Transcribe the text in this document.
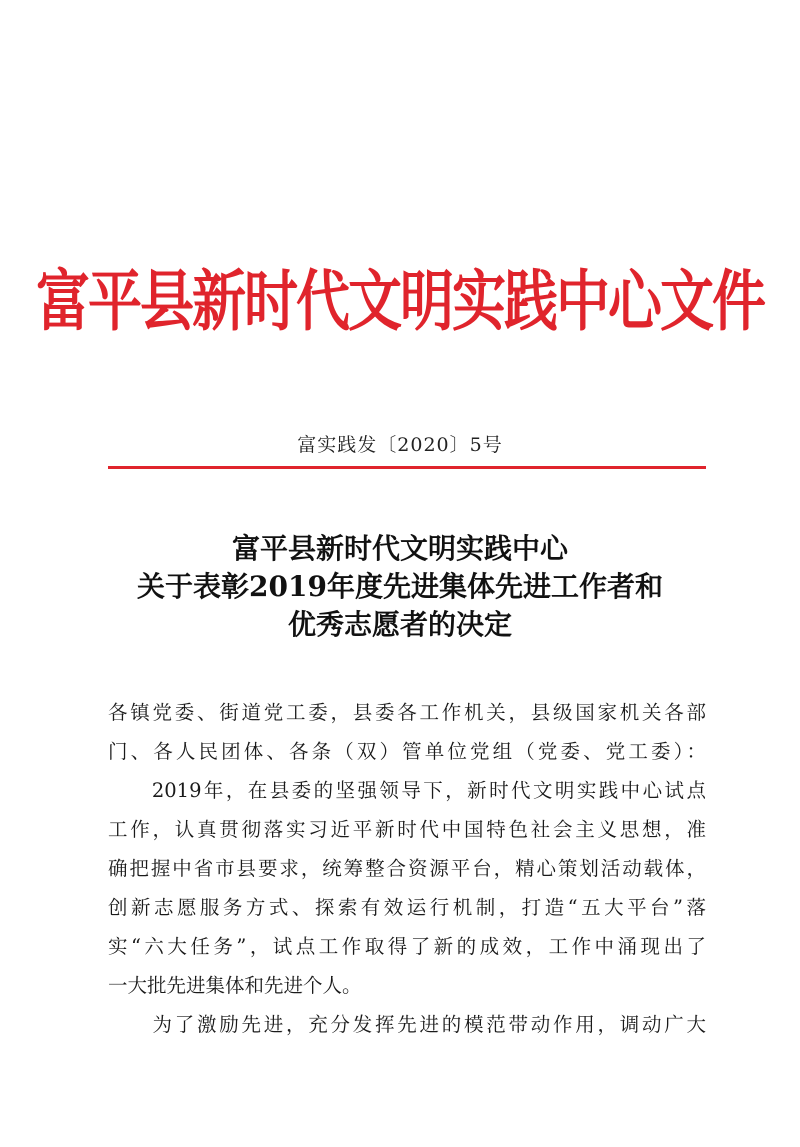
富平县新时代文明实践中心文件
富实践发〔2020〕5号
富平县新时代文明实践中心
关于表彰2019年度先进集体先进工作者和
优秀志愿者的决定
各镇党委、街道党工委，县委各工作机关，县级国家机关各部
门、各人民团体、各条（双）管单位党组（党委、党工委）：
　　2019年，在县委的坚强领导下，新时代文明实践中心试点
工作，认真贯彻落实习近平新时代中国特色社会主义思想，准
确把握中省市县要求，统筹整合资源平台，精心策划活动载体，
创新志愿服务方式、探索有效运行机制，打造“五大平台”落
实“六大任务”，试点工作取得了新的成效，工作中涌现出了
一大批先进集体和先进个人。
　　为了激励先进，充分发挥先进的模范带动作用，调动广大
